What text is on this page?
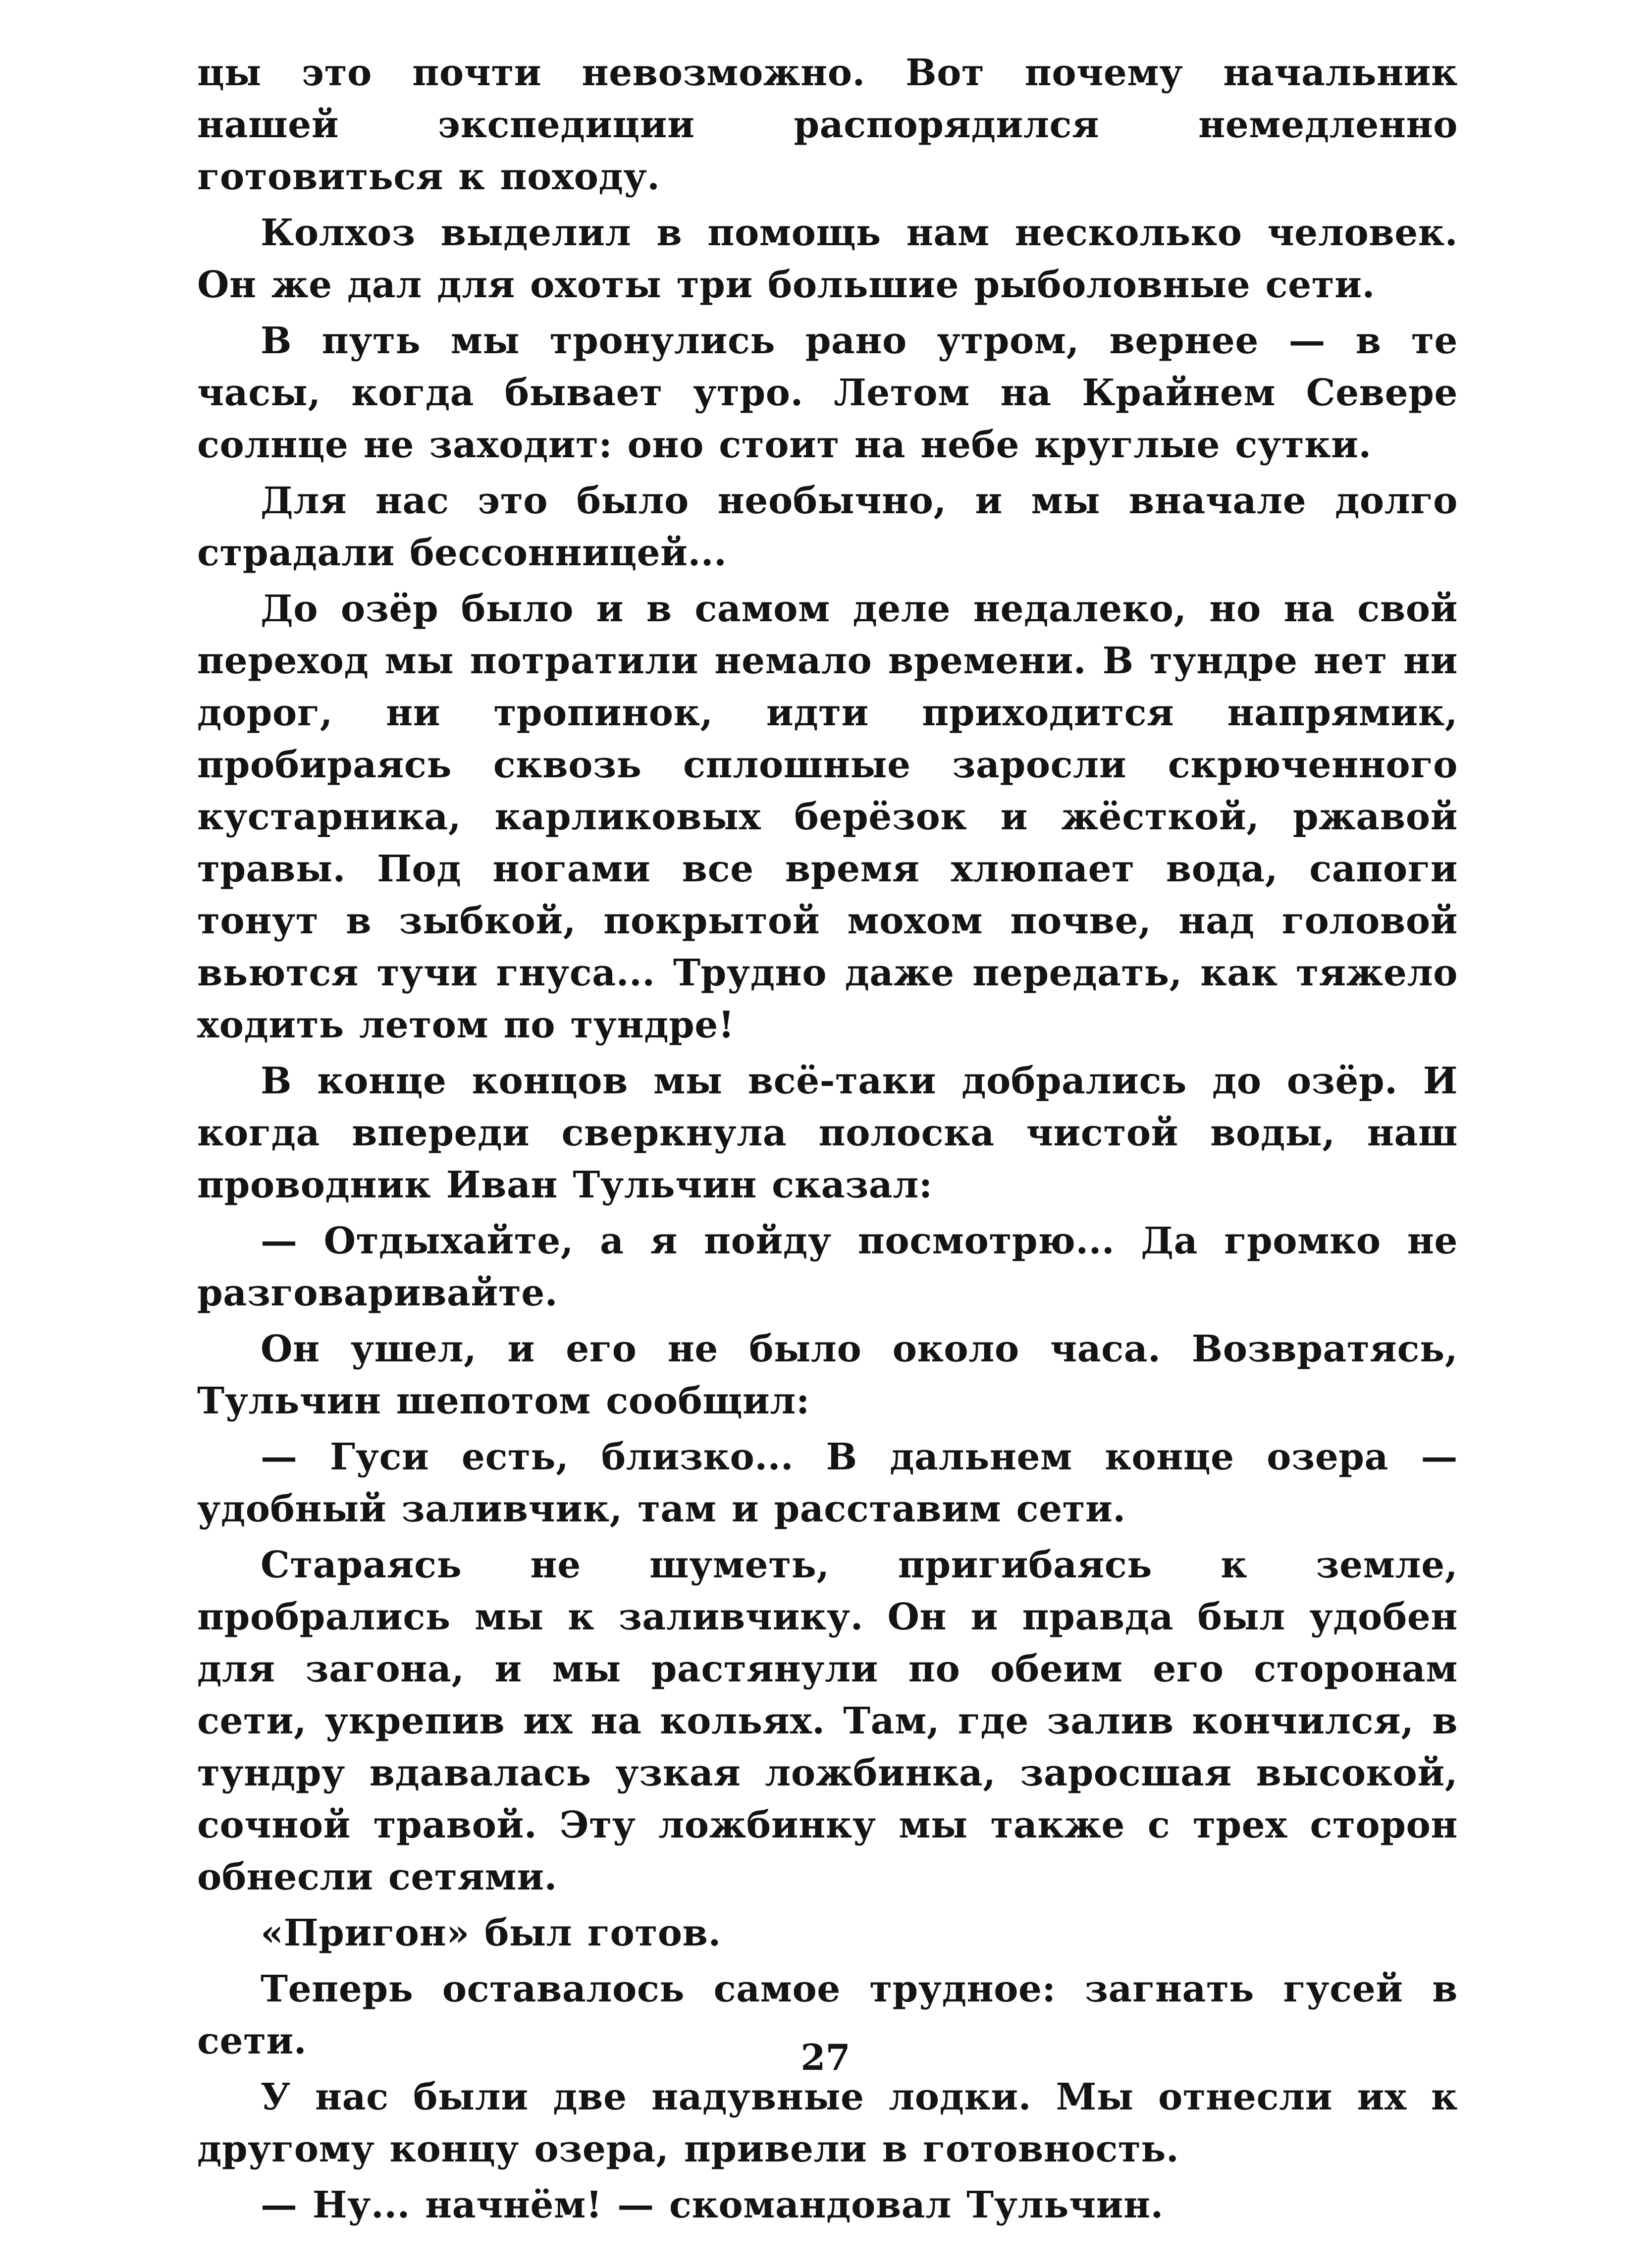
цы это почти невозможно. Вот почему начальник нашей экспедиции распорядился немедленно готовиться к походу.

Колхоз выделил в помощь нам несколько человек. Он же дал для охоты три большие рыболовные сети.

В путь мы тронулись рано утром, вернее — в те часы, когда бывает утро. Летом на Крайнем Севере солнце не заходит: оно стоит на небе круглые сутки.

Для нас это было необычно, и мы вначале долго страдали бессонницей...

До озёр было и в самом деле недалеко, но на свой переход мы потратили немало времени. В тундре нет ни дорог, ни тропинок, идти приходится напрямик, пробираясь сквозь сплошные заросли скрюченного кустарника, карликовых берёзок и жёсткой, ржавой травы. Под ногами все время хлюпает вода, сапоги тонут в зыбкой, покрытой мохом почве, над головой вьются тучи гнуса... Трудно даже передать, как тяжело ходить летом по тундре!

В конце концов мы всё-таки добрались до озёр. И когда впереди сверкнула полоска чистой воды, наш проводник Иван Тульчин сказал:

— Отдыхайте, а я пойду посмотрю... Да громко не разговаривайте.

Он ушел, и его не было около часа. Возвратясь, Тульчин шепотом сообщил:

— Гуси есть, близко... В дальнем конце озера — удобный заливчик, там и расставим сети.

Стараясь не шуметь, пригибаясь к земле, пробрались мы к заливчику. Он и правда был удобен для загона, и мы растянули по обеим его сторонам сети, укрепив их на кольях. Там, где залив кончился, в тундру вдавалась узкая ложбинка, заросшая высокой, сочной травой. Эту ложбинку мы также с трех сторон обнесли сетями.

«Пригон» был готов.

Теперь оставалось самое трудное: загнать гусей в сети.

У нас были две надувные лодки. Мы отнесли их к другому концу озера, привели в готовность.

— Ну... начнём! — скомандовал Тульчин.

27
